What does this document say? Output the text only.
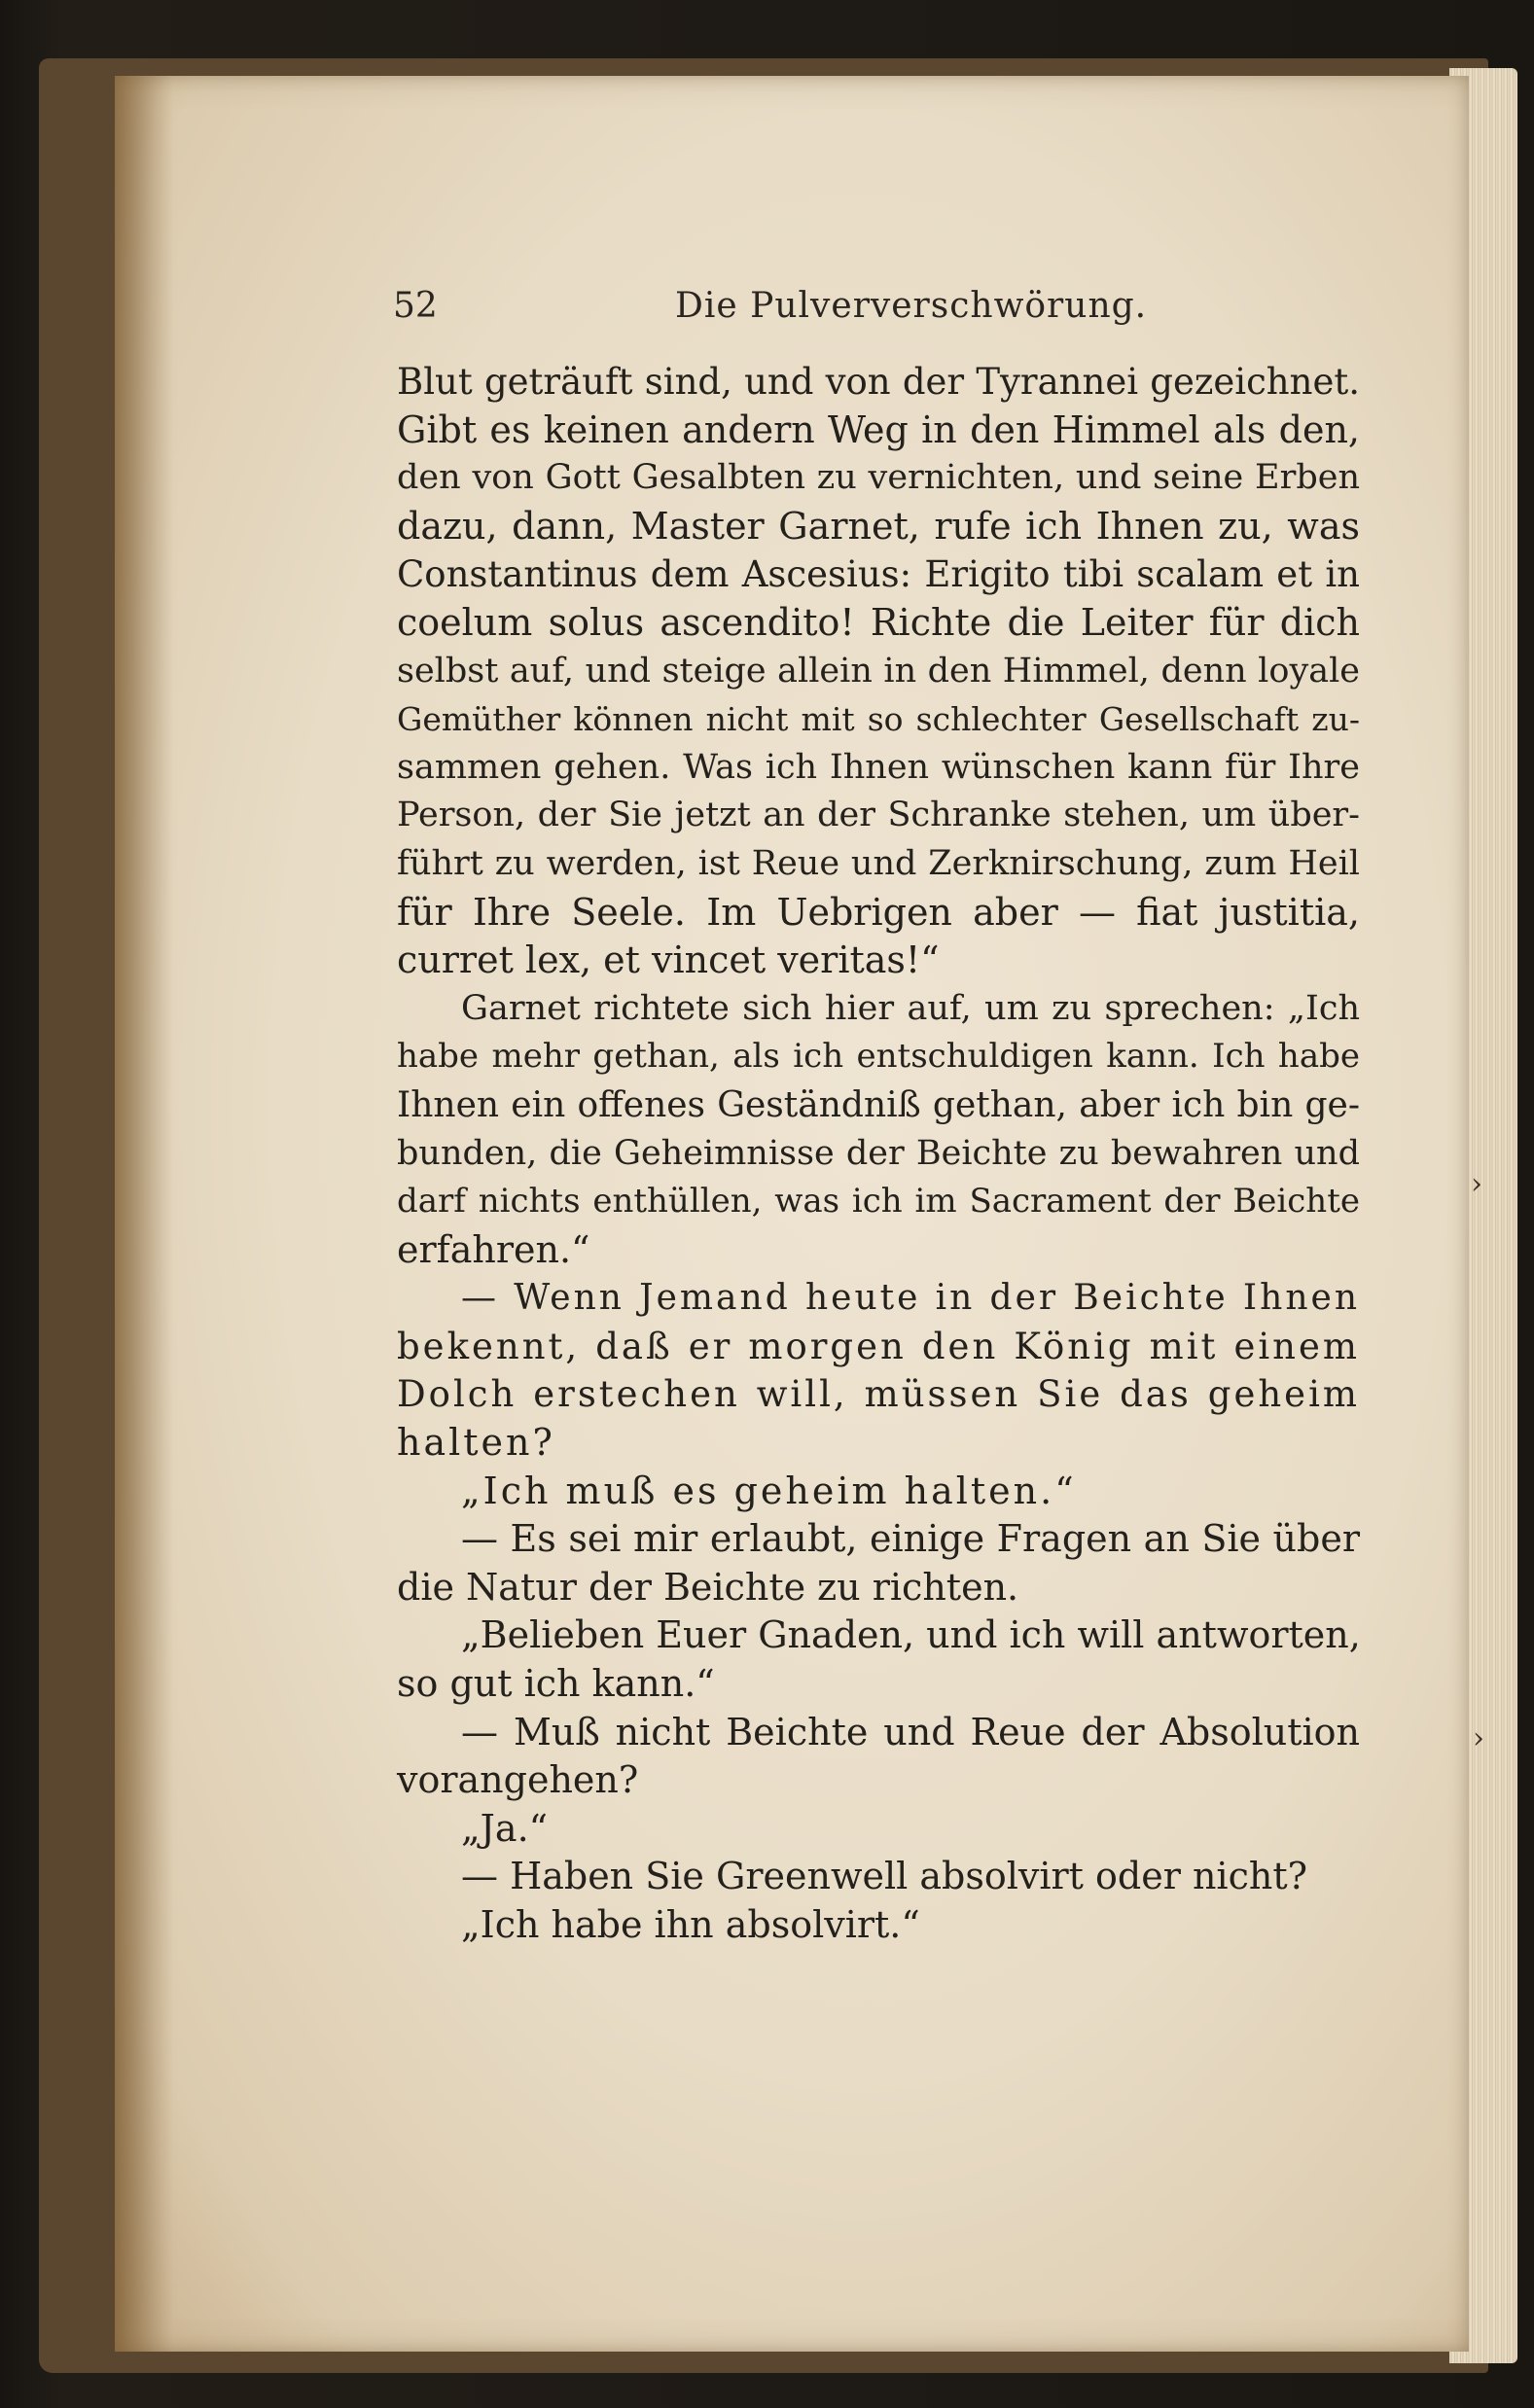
52	Die Pulververschwörung.
Blut geträuft sind, und von der Tyrannei gezeichnet.
Gibt es keinen andern Weg in den Himmel als den,
den von Gott Gesalbten zu vernichten, und seine Erben
dazu, dann, Master Garnet, rufe ich Ihnen zu, was
Constantinus dem Ascesius: Erigito tibi scalam et in
coelum solus ascendito! Richte die Leiter für dich
selbst auf, und steige allein in den Himmel, denn loyale
Gemüther können nicht mit so schlechter Gesellschaft zu-
sammen gehen. Was ich Ihnen wünschen kann für Ihre
Person, der Sie jetzt an der Schranke stehen, um über-
führt zu werden, ist Reue und Zerknirschung, zum Heil
für Ihre Seele. Im Uebrigen aber — fiat justitia,
curret lex, et vincet veritas!“
Garnet richtete sich hier auf, um zu sprechen: „Ich
habe mehr gethan, als ich entschuldigen kann. Ich habe
Ihnen ein offenes Geständniß gethan, aber ich bin ge-
bunden, die Geheimnisse der Beichte zu bewahren und
darf nichts enthüllen, was ich im Sacrament der Beichte
erfahren.“
— Wenn Jemand heute in der Beichte Ihnen
bekennt, daß er morgen den König mit einem
Dolch erstechen will, müssen Sie das geheim
halten?
„Ich muß es geheim halten.“
— Es sei mir erlaubt, einige Fragen an Sie über
die Natur der Beichte zu richten.
„Belieben Euer Gnaden, und ich will antworten,
so gut ich kann.“
— Muß nicht Beichte und Reue der Absolution
vorangehen?
„Ja.“
— Haben Sie Greenwell absolvirt oder nicht?
„Ich habe ihn absolvirt.“
›
›
